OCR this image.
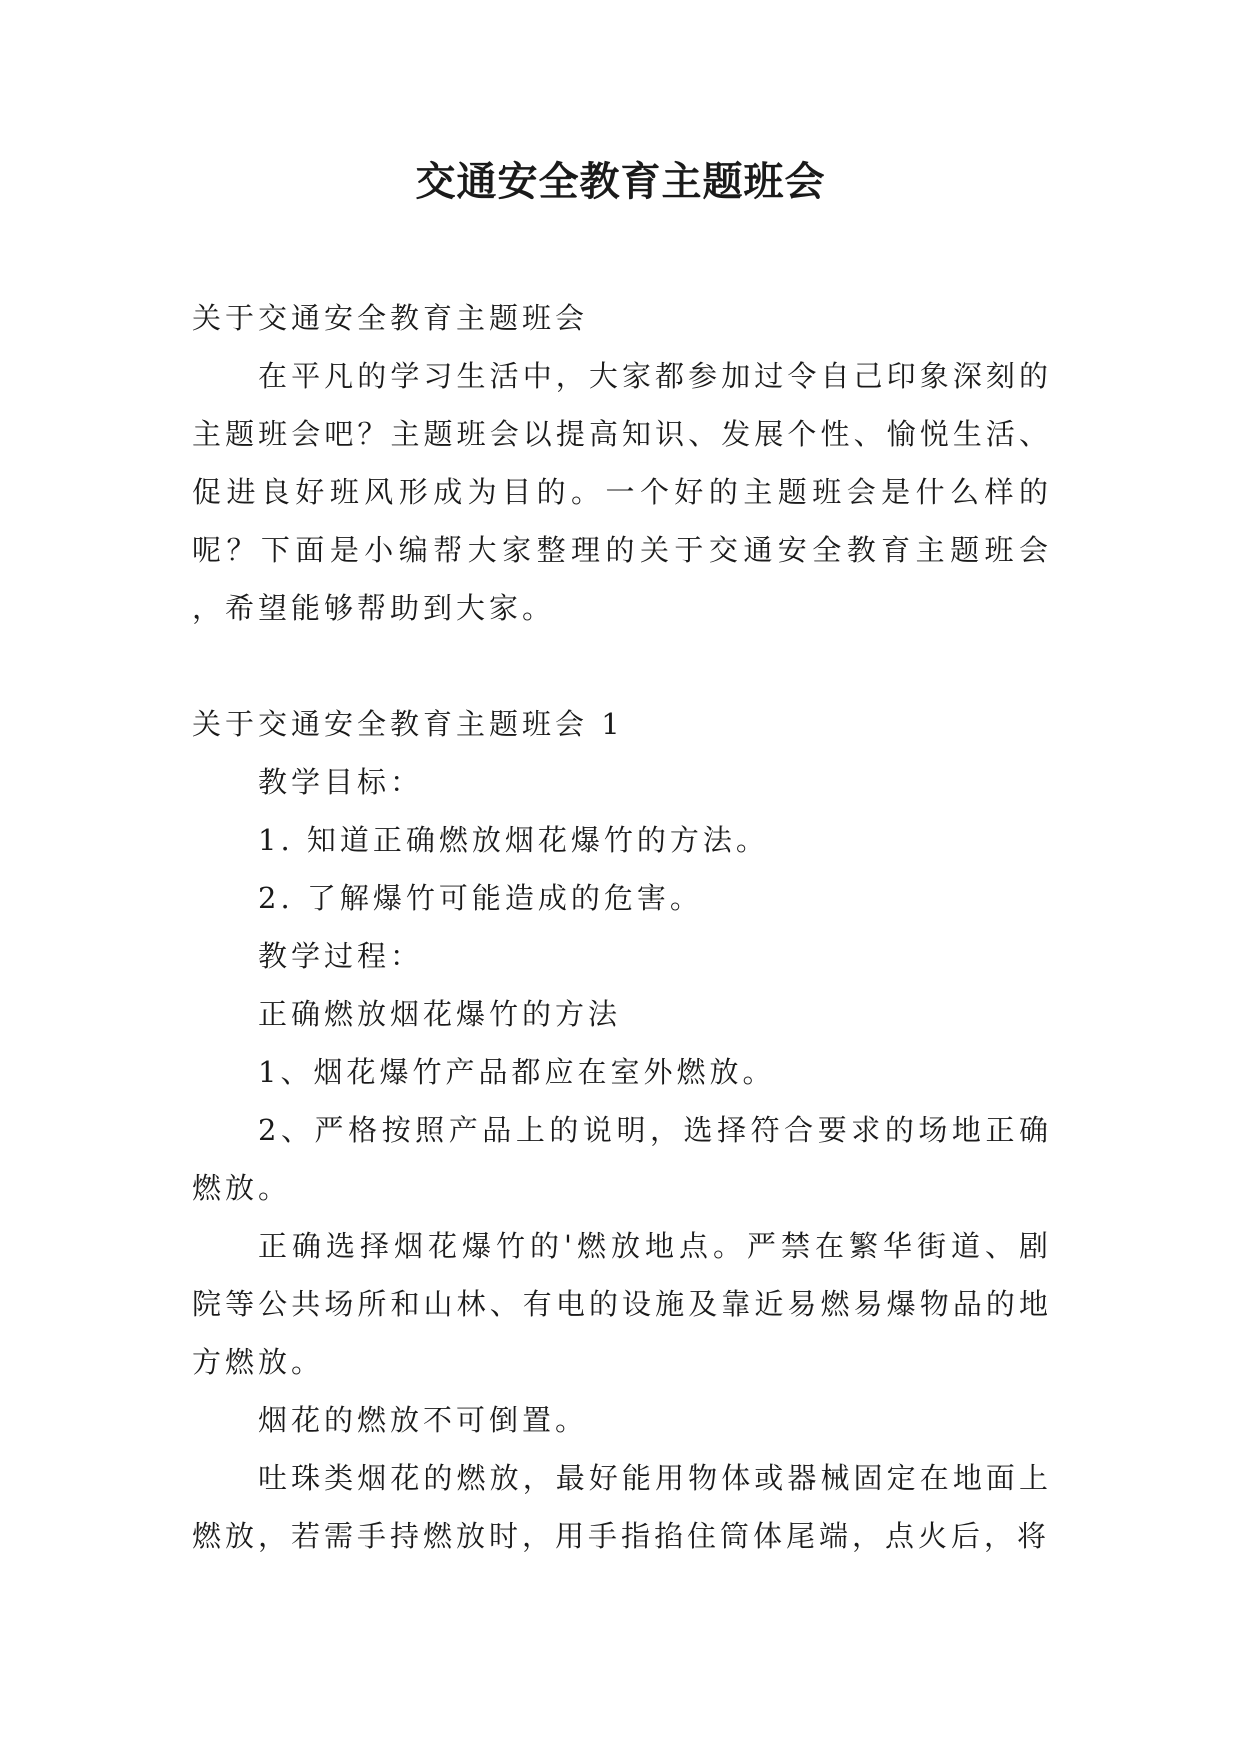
交通安全教育主题班会

关于交通安全教育主题班会

在平凡的学习生活中，大家都参加过令自己印象深刻的主题班会吧？主题班会以提高知识、发展个性、愉悦生活、促进良好班风形成为目的。一个好的主题班会是什么样的呢？下面是小编帮大家整理的关于交通安全教育主题班会 ，希望能够帮助到大家。

关于交通安全教育主题班会 1

教学目标：

1. 知道正确燃放烟花爆竹的方法。

2. 了解爆竹可能造成的危害。

教学过程：

正确燃放烟花爆竹的方法

1、烟花爆竹产品都应在室外燃放。

2、严格按照产品上的说明，选择符合要求的场地正确燃放。

正确选择烟花爆竹的'燃放地点。严禁在繁华街道、剧院等公共场所和山林、有电的设施及靠近易燃易爆物品的地方燃放。

烟花的燃放不可倒置。

吐珠类烟花的燃放，最好能用物体或器械固定在地面上燃放，若需手持燃放时，用手指掐住筒体尾端，点火后，将
